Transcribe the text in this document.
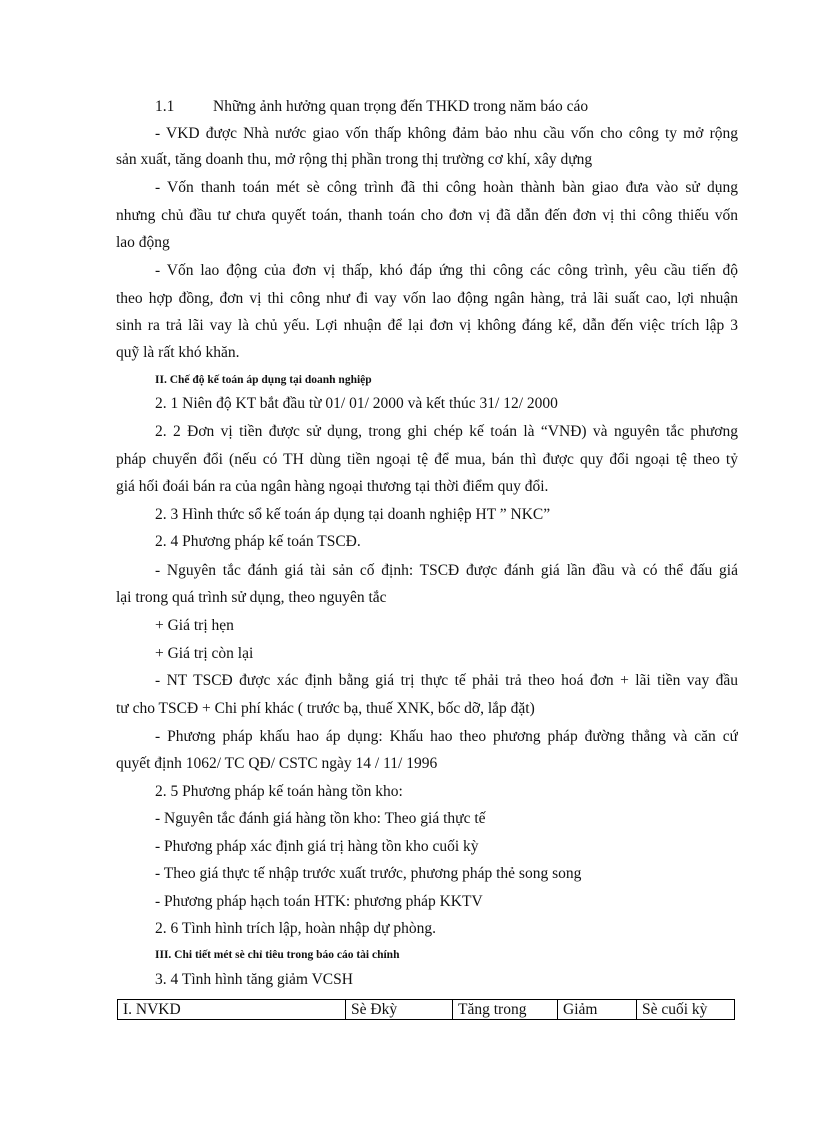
1.1 Những ảnh hưởng quan trọng đến THKD trong năm báo cáo
- VKD được Nhà nước giao vốn thấp không đảm bảo nhu cầu vốn cho công ty mở rộng
sản xuất, tăng doanh thu, mở rộng thị phần trong thị trường cơ khí, xây dựng
- Vốn thanh toán mét sè công trình đã thi công hoàn thành bàn giao đưa vào sử dụng
nhưng chủ đầu tư chưa quyết toán, thanh toán cho đơn vị đã dẫn đến đơn vị thi công thiếu vốn
lao động
- Vốn lao động của đơn vị thấp, khó đáp ứng thi công các công trình, yêu cầu tiến độ
theo hợp đồng, đơn vị thi công như đi vay vốn lao động ngân hàng, trả lãi suất cao, lợi nhuận
sinh ra trả lãi vay là chủ yếu. Lợi nhuận để lại đơn vị không đáng kể, dẫn đến việc trích lập 3
quỹ là rất khó khăn.
II. Chế độ kế toán áp dụng tại doanh nghiệp
2. 1 Niên độ KT bắt đầu từ 01/ 01/ 2000 và kết thúc 31/ 12/ 2000
2. 2 Đơn vị tiền được sử dụng, trong ghi chép kế toán là “VNĐ) và nguyên tắc phương
pháp chuyển đổi (nếu có TH dùng tiền ngoại tệ để mua, bán thì được quy đổi ngoại tệ theo tỷ
giá hối đoái bán ra của ngân hàng ngoại thương tại thời điểm quy đổi.
2. 3 Hình thức sổ kế toán áp dụng tại doanh nghiệp HT ” NKC”
2. 4 Phương pháp kế toán TSCĐ.
- Nguyên tắc đánh giá tài sản cố định: TSCĐ được đánh giá lần đầu và có thể đấu giá
lại trong quá trình sử dụng, theo nguyên tắc
+ Giá trị hẹn
+ Giá trị còn lại
- NT TSCĐ được xác định bằng giá trị thực tế phải trả theo hoá đơn + lãi tiền vay đầu
tư cho TSCĐ + Chi phí khác ( trước bạ, thuế XNK, bốc dỡ, lắp đặt)
- Phương pháp khấu hao áp dụng: Khấu hao theo phương pháp đường thẳng và căn cứ
quyết định 1062/ TC QĐ/ CSTC ngày 14 / 11/ 1996
2. 5 Phương pháp kế toán hàng tồn kho:
- Nguyên tắc đánh giá hàng tồn kho: Theo giá thực tế
- Phương pháp xác định giá trị hàng tồn kho cuối kỳ
- Theo giá thực tế nhập trước xuất trước, phương pháp thẻ song song
- Phương pháp hạch toán HTK: phương pháp KKTV
2. 6 Tình hình trích lập, hoàn nhập dự phòng.
III. Chi tiết mét sè chỉ tiêu trong báo cáo tài chính
3. 4 Tình hình tăng giảm VCSH
I. NVKD	Sè Đkỳ	Tăng trong	Giảm	Sè cuối kỳ
